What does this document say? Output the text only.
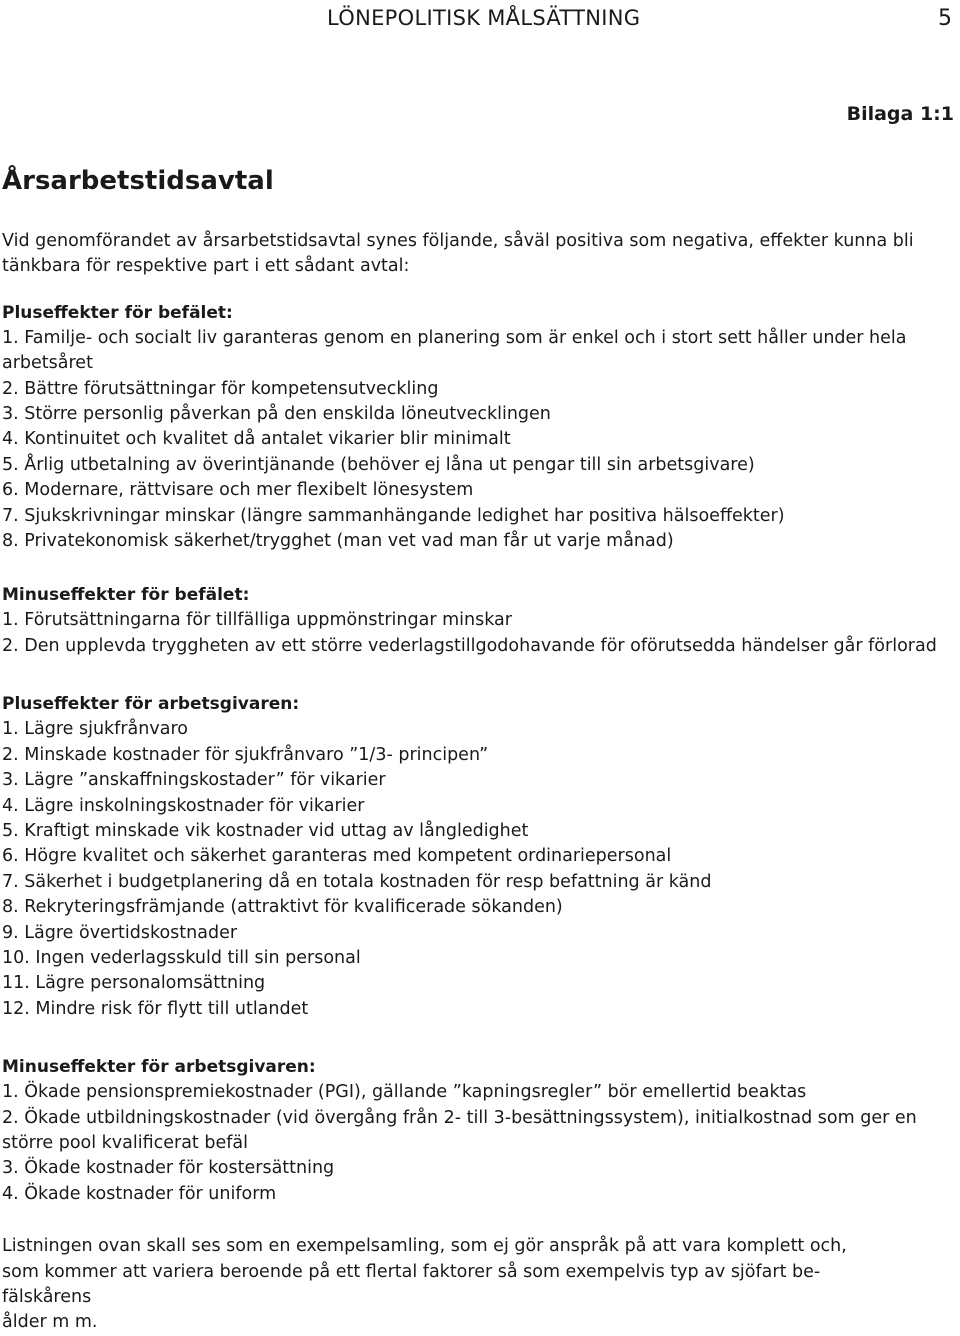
LÖNEPOLITISK MÅLSÄTTNING	5
Bilaga 1:1
Årsarbetstidsavtal

Vid genomförandet av årsarbetstidsavtal synes följande, såväl positiva som negativa, effekter kunna bli tänkbara för respektive part i ett sådant avtal:

Pluseffekter för befälet:
1. Familje- och socialt liv garanteras genom en planering som är enkel och i stort sett håller under hela arbetsåret
2. Bättre förutsättningar för kompetensutveckling
3. Större personlig påverkan på den enskilda löneutvecklingen
4. Kontinuitet och kvalitet då antalet vikarier blir minimalt
5. Årlig utbetalning av överintjänande (behöver ej låna ut pengar till sin arbetsgivare)
6. Modernare, rättvisare och mer flexibelt lönesystem
7. Sjukskrivningar minskar (längre sammanhängande ledighet har positiva hälsoeffekter)
8. Privatekonomisk säkerhet/trygghet (man vet vad man får ut varje månad)
Minuseffekter för befälet:
1. Förutsättningarna för tillfälliga uppmönstringar minskar
2. Den upplevda tryggheten av ett större vederlagstillgodohavande för oförutsedda händelser går förlorad
Pluseffekter för arbetsgivaren:
1. Lägre sjukfrånvaro
2. Minskade kostnader för sjukfrånvaro ”1/3- principen”
3. Lägre ”anskaffningskostader” för vikarier
4. Lägre inskolningskostnader för vikarier
5. Kraftigt minskade vik kostnader vid uttag av långledighet
6. Högre kvalitet och säkerhet garanteras med kompetent ordinariepersonal
7. Säkerhet i budgetplanering då en totala kostnaden för resp befattning är känd
8. Rekryteringsfrämjande (attraktivt för kvalificerade sökanden)
9. Lägre övertidskostnader
10. Ingen vederlagsskuld till sin personal
11. Lägre personalomsättning
12. Mindre risk för flytt till utlandet
Minuseffekter för arbetsgivaren:
1. Ökade pensionspremiekostnader (PGI), gällande ”kapningsregler” bör emellertid beaktas
2. Ökade utbildningskostnader (vid övergång från 2- till 3-besättningssystem), initialkostnad som ger en större pool kvalificerat befäl
3. Ökade kostnader för kostersättning
4. Ökade kostnader för uniform

Listningen ovan skall ses som en exempelsamling, som ej gör anspråk på att vara komplett och,

som kommer att variera beroende på ett flertal faktorer så som exempelvis typ av sjöfart be-

fälskårens

ålder m m.
